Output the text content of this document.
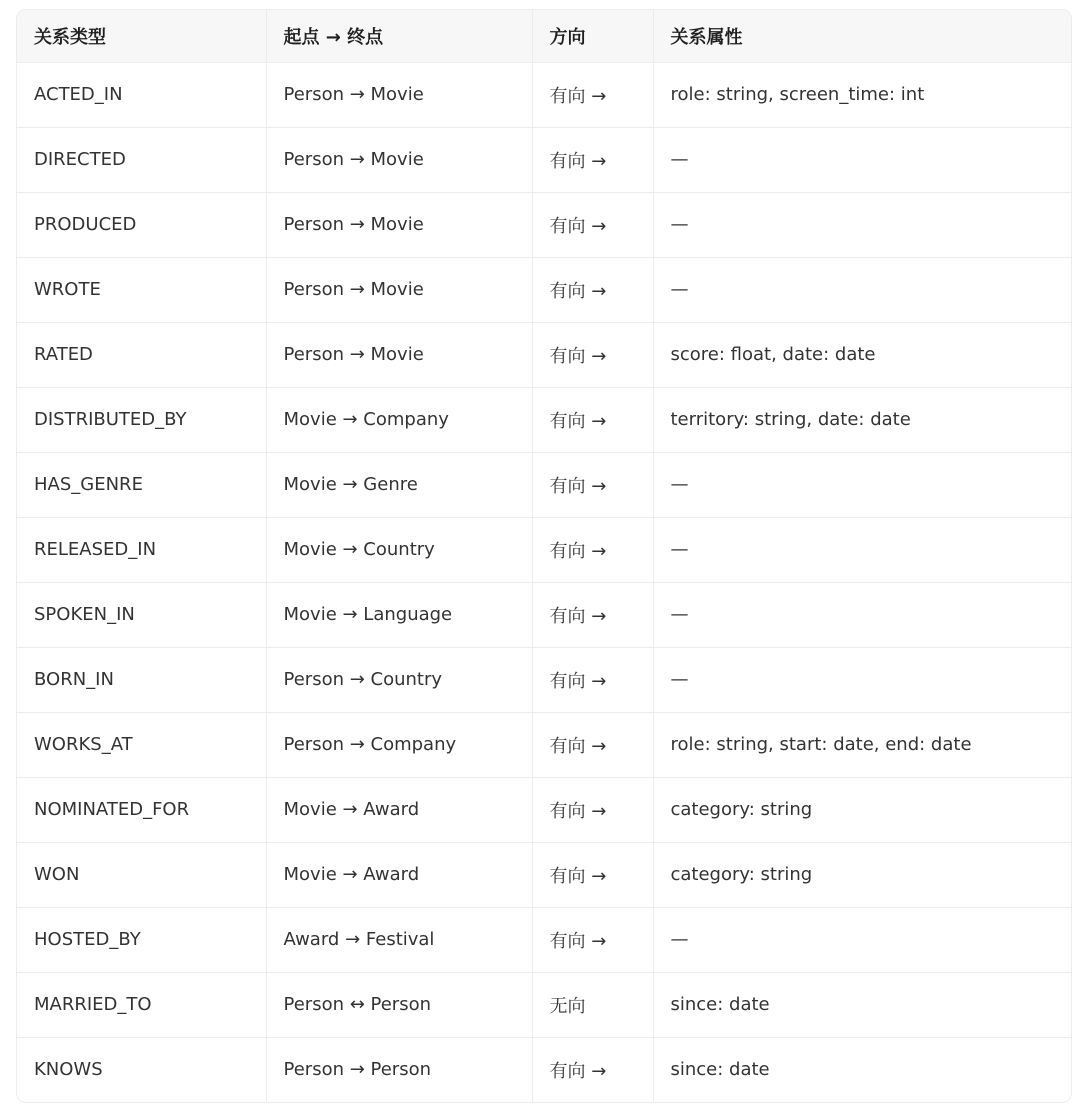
关系类型	起点 → 终点	方向	关系属性
ACTED_IN	Person → Movie	有向 →	role: string, screen_time: int
DIRECTED	Person → Movie	有向 →	—
PRODUCED	Person → Movie	有向 →	—
WROTE	Person → Movie	有向 →	—
RATED	Person → Movie	有向 →	score: float, date: date
DISTRIBUTED_BY	Movie → Company	有向 →	territory: string, date: date
HAS_GENRE	Movie → Genre	有向 →	—
RELEASED_IN	Movie → Country	有向 →	—
SPOKEN_IN	Movie → Language	有向 →	—
BORN_IN	Person → Country	有向 →	—
WORKS_AT	Person → Company	有向 →	role: string, start: date, end: date
NOMINATED_FOR	Movie → Award	有向 →	category: string
WON	Movie → Award	有向 →	category: string
HOSTED_BY	Award → Festival	有向 →	—
MARRIED_TO	Person ↔ Person	无向	since: date
KNOWS	Person → Person	有向 →	since: date
